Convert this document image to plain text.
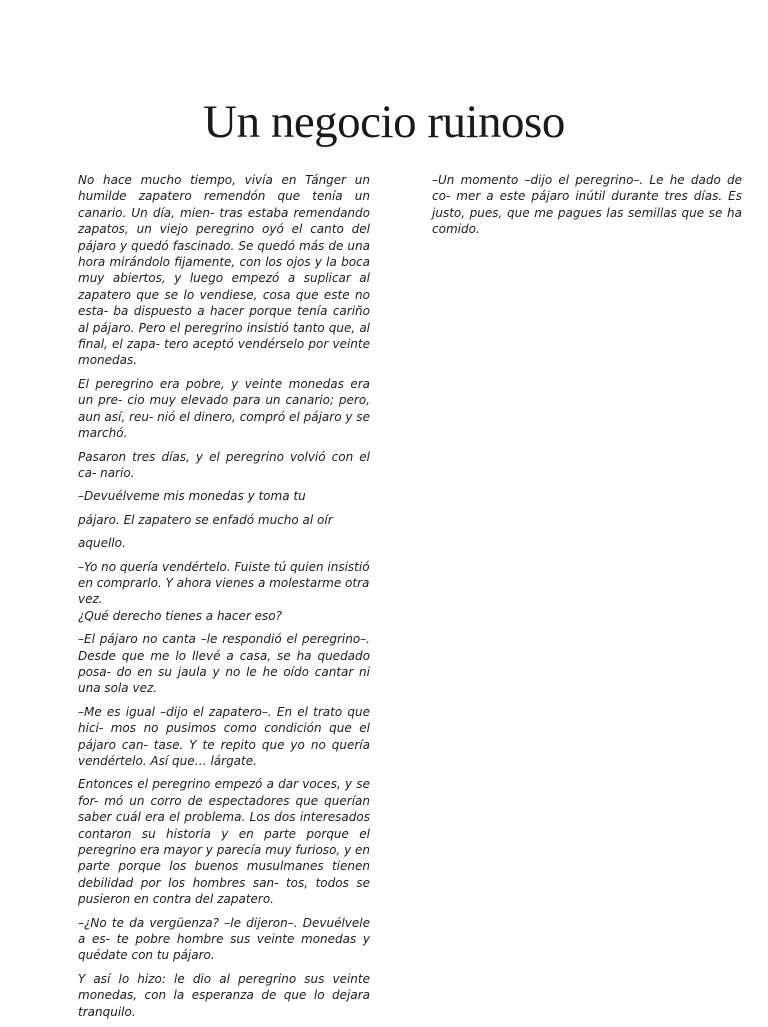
Un negocio ruinoso

No hace mucho tiempo, vivía en Tánger un humilde zapatero remendón que tenía un canario. Un día, mien- tras estaba remendando zapatos, un viejo peregrino oyó el canto del pájaro y quedó fascinado. Se quedó más de una hora mirándolo fijamente, con los ojos y la boca muy abiertos, y luego empezó a suplicar al zapatero que se lo vendiese, cosa que este no esta- ba dispuesto a hacer porque tenía cariño al pájaro. Pero el peregrino insistió tanto que, al final, el zapa- tero aceptó vendérselo por veinte monedas.

El peregrino era pobre, y veinte monedas era un pre- cio muy elevado para un canario; pero, aun así, reu- nió el dinero, compró el pájaro y se marchó.

Pasaron tres días, y el peregrino volvió con el ca- nario.

–Devuélveme mis monedas y toma tu

pájaro. El zapatero se enfadó mucho al oír

aquello.

–Yo no quería vendértelo. Fuiste tú quien insistió en comprarlo. Y ahora vienes a molestarme otra vez.

¿Qué derecho tienes a hacer eso?

–El pájaro no canta –le respondió el peregrino–. Desde que me lo llevé a casa, se ha quedado posa- do en su jaula y no le he oído cantar ni una sola vez.

–Me es igual –dijo el zapatero–. En el trato que hici- mos no pusimos como condición que el pájaro can- tase. Y te repito que yo no quería vendértelo. Así que… lárgate.

Entonces el peregrino empezó a dar voces, y se for- mó un corro de espectadores que querían saber cuál era el problema. Los dos interesados contaron su historia y en parte porque el peregrino era mayor y parecía muy furioso, y en parte porque los buenos musulmanes tienen debilidad por los hombres san- tos, todos se pusieron en contra del zapatero.

–¿No te da vergüenza? –le dijeron–. Devuélvele a es- te pobre hombre sus veinte monedas y quédate con tu pájaro.

Y así lo hizo: le dio al peregrino sus veinte monedas, con la esperanza de que lo dejara tranquilo.

–Un momento –dijo el peregrino–. Le he dado de co- mer a este pájaro inútil durante tres días. Es justo, pues, que me pagues las semillas que se ha comido.
